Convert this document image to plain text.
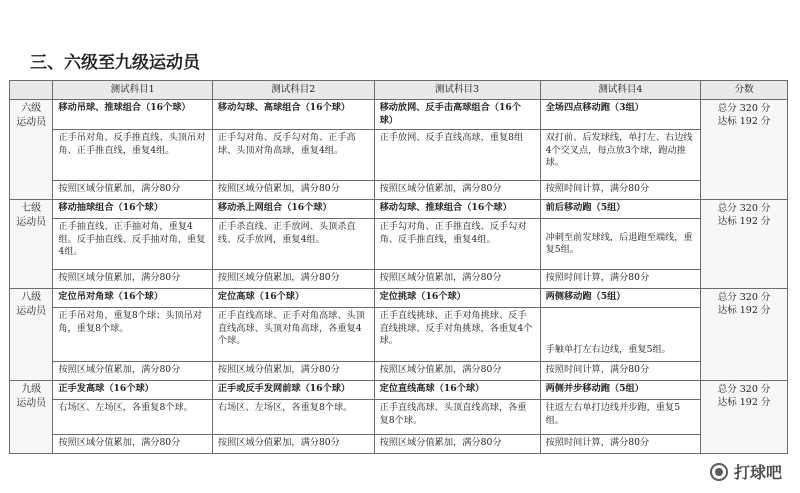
三、六级至九级运动员
	测试科目1	测试科目2	测试科目3	测试科目4	分数
六级
运动员	移动吊球、推球组合（16个球）	移动勾球、高球组合（16个球）	移动放网、反手击高球组合（16个球）	全场四点移动跑（3组）	总分 320 分
达标 192 分
	正手吊对角、反手推直线、头顶吊对角、正手推直线，重复4组。	正手勾对角、反手勾对角、正手高球、头顶对角高球，重复4组。	正手放网、反手直线高球，重复8组	双打前、后发球线，单打左、右边线 4个交叉点，每点放3个球，跑动推球。	
	按照区域分值累加，满分80分	按照区域分值累加，满分80分	按照区域分值累加，满分80分	按照时间计算，满分80分	
七级
运动员	移动抽球组合（16个球）	移动杀上网组合（16个球）	移动勾球、推球组合（16个球）	前后移动跑（5组）	总分 320 分
达标 192 分
	正手抽直线、正手抽对角，重复4组。反手抽直线、反手抽对角，重复4组。	正手杀直线、正手放网、头顶杀直线、反手放网，重复4组。	正手勾对角、正手推直线、反手勾对角、反手推直线，重复4组。	冲刺至前发球线，后退跑至端线，重复5组。	
	按照区域分值累加，满分80分	按照区域分值累加，满分80分	按照区域分值累加，满分80分	按照时间计算，满分80分	
八级
运动员	定位吊对角球（16个球）	定位高球（16个球）	定位挑球（16个球）	两侧移动跑（5组）	总分 320 分
达标 192 分
	正手吊对角，重复8个球；头顶吊对角，重复8个球。	正手直线高球、正手对角高球、头顶直线高球、头顶对角高球，各重复4个球。	正手直线挑球、正手对角挑球、反手直线挑球、反手对角挑球，各重复4个球。	手触单打左右边线，重复5组。	
	按照区域分值累加，满分80分	按照区域分值累加，满分80分	按照区域分值累加，满分80分	按照时间计算，满分80分	
九级
运动员	正手发高球（16个球）	正手或反手发网前球（16个球）	定位直线高球（16个球）	两侧并步移动跑（5组）	总分 320 分
达标 192 分
	右场区、左场区，各重复8个球。	右场区、左场区，各重复8个球。	正手直线高球、头顶直线高球，各重复8个球。	往返左右单打边线并步跑，重复5组。	
	按照区域分值累加，满分80分	按照区域分值累加，满分80分	按照区域分值累加，满分80分	按照时间计算，满分80分	
打球吧
